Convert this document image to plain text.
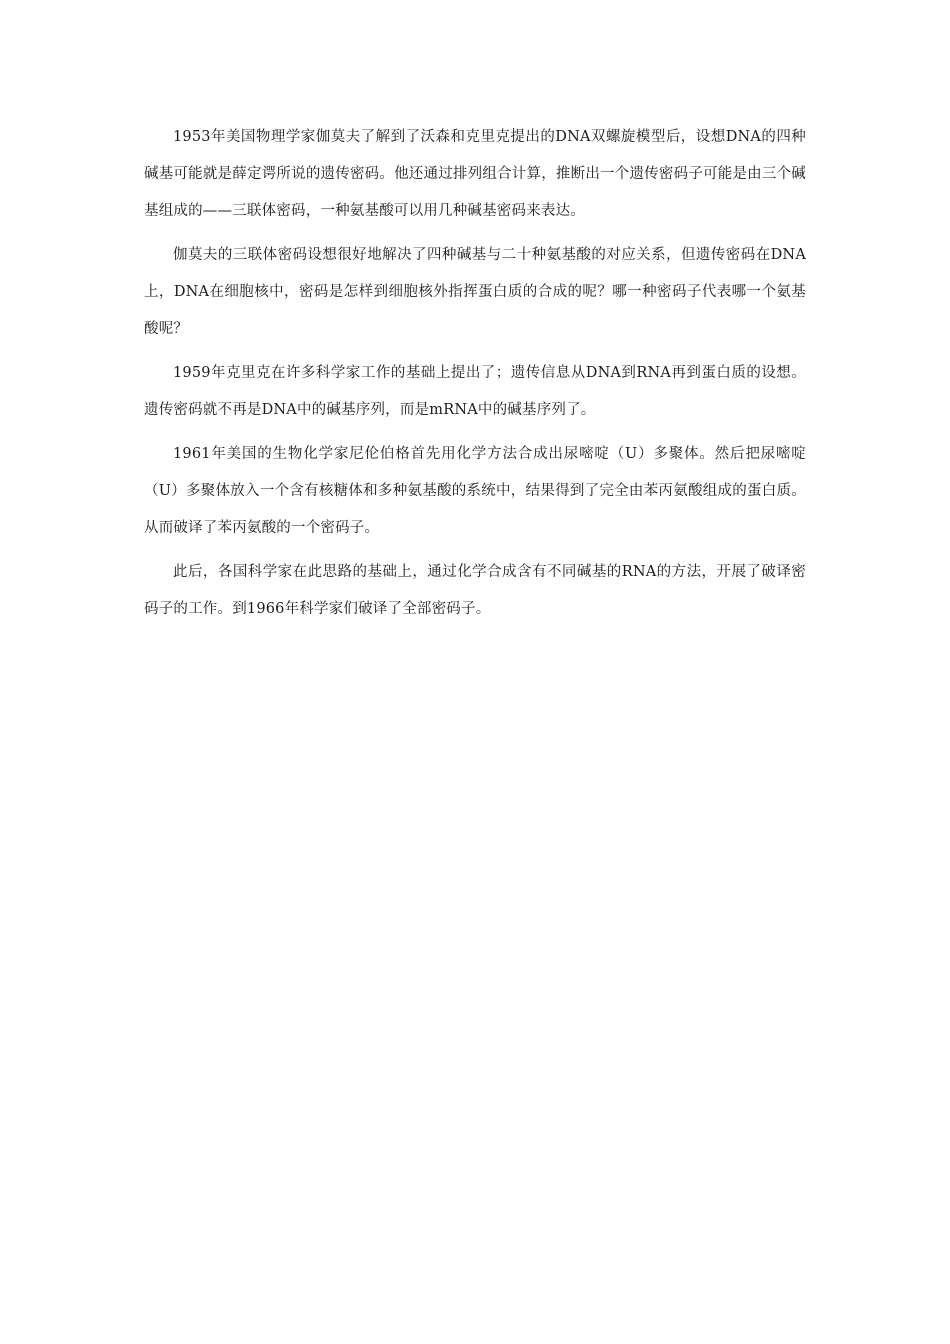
1953年美国物理学家伽莫夫了解到了沃森和克里克提出的DNA双螺旋模型后，设想DNA的四种碱基可能就是薛定谔所说的遗传密码。他还通过排列组合计算，推断出一个遗传密码子可能是由三个碱基组成的——三联体密码，一种氨基酸可以用几种碱基密码来表达。

伽莫夫的三联体密码设想很好地解决了四种碱基与二十种氨基酸的对应关系，但遗传密码在DNA上，DNA在细胞核中，密码是怎样到细胞核外指挥蛋白质的合成的呢？哪一种密码子代表哪一个氨基酸呢？

1959年克里克在许多科学家工作的基础上提出了；遗传信息从DNA到RNA再到蛋白质的设想。遗传密码就不再是DNA中的碱基序列，而是mRNA中的碱基序列了。

1961年美国的生物化学家尼伦伯格首先用化学方法合成出尿嘧啶（U）多聚体。然后把尿嘧啶（U）多聚体放入一个含有核糖体和多种氨基酸的系统中，结果得到了完全由苯丙氨酸组成的蛋白质。从而破译了苯丙氨酸的一个密码子。

此后，各国科学家在此思路的基础上，通过化学合成含有不同碱基的RNA的方法，开展了破译密码子的工作。到1966年科学家们破译了全部密码子。
